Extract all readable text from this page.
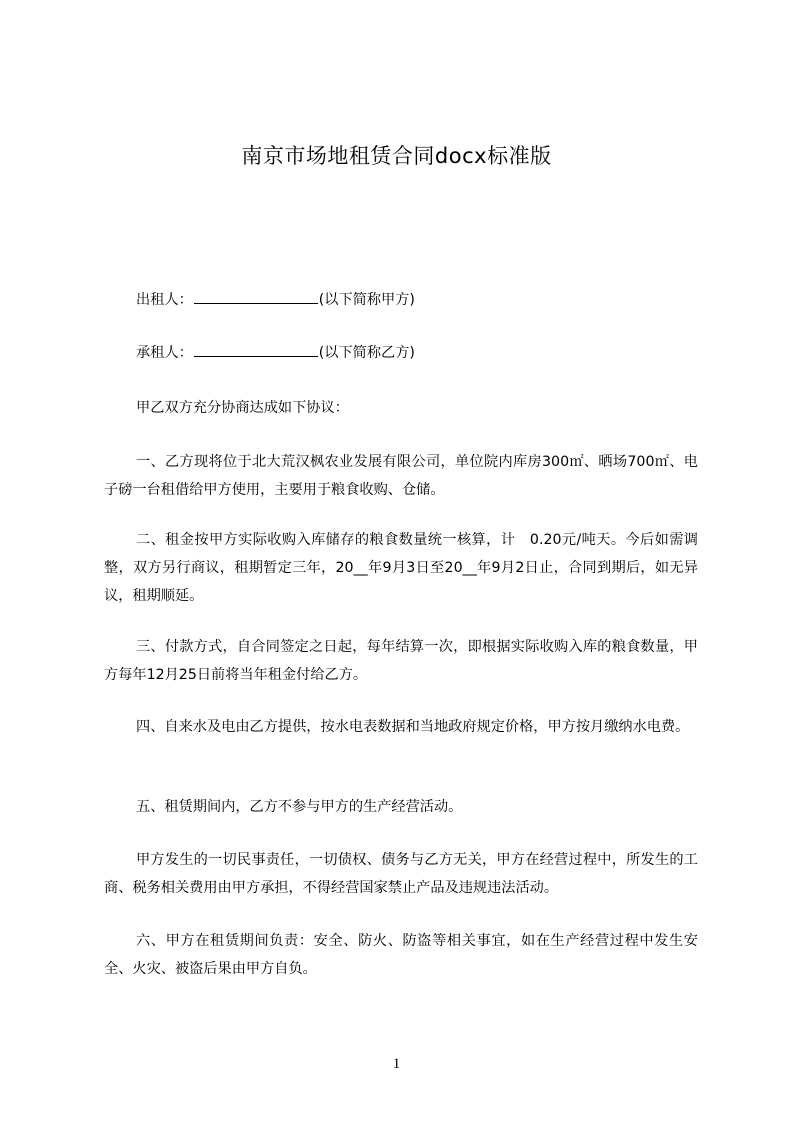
南京市场地租赁合同docx标准版
出租人：	(以下简称甲方)
承租人：	(以下简称乙方)
甲乙双方充分协商达成如下协议：
一、乙方现将位于北大荒汉枫农业发展有限公司，单位院内库房300㎡、晒场700㎡、电子磅一台租借给甲方使用，主要用于粮食收购、仓储。
二、租金按甲方实际收购入库储存的粮食数量统一核算，计　0.20元/吨天。今后如需调整，双方另行商议，租期暂定三年，20__年9月3日至20__年9月2日止，合同到期后，如无异议，租期顺延。
三、付款方式，自合同签定之日起，每年结算一次，即根据实际收购入库的粮食数量，甲方每年12月25日前将当年租金付给乙方。
四、自来水及电由乙方提供，按水电表数据和当地政府规定价格，甲方按月缴纳水电费。
五、租赁期间内，乙方不参与甲方的生产经营活动。
甲方发生的一切民事责任，一切债权、债务与乙方无关，甲方在经营过程中，所发生的工商、税务相关费用由甲方承担，不得经营国家禁止产品及违规违法活动。
六、甲方在租赁期间负责：安全、防火、防盗等相关事宜，如在生产经营过程中发生安全、火灾、被盗后果由甲方自负。
1
